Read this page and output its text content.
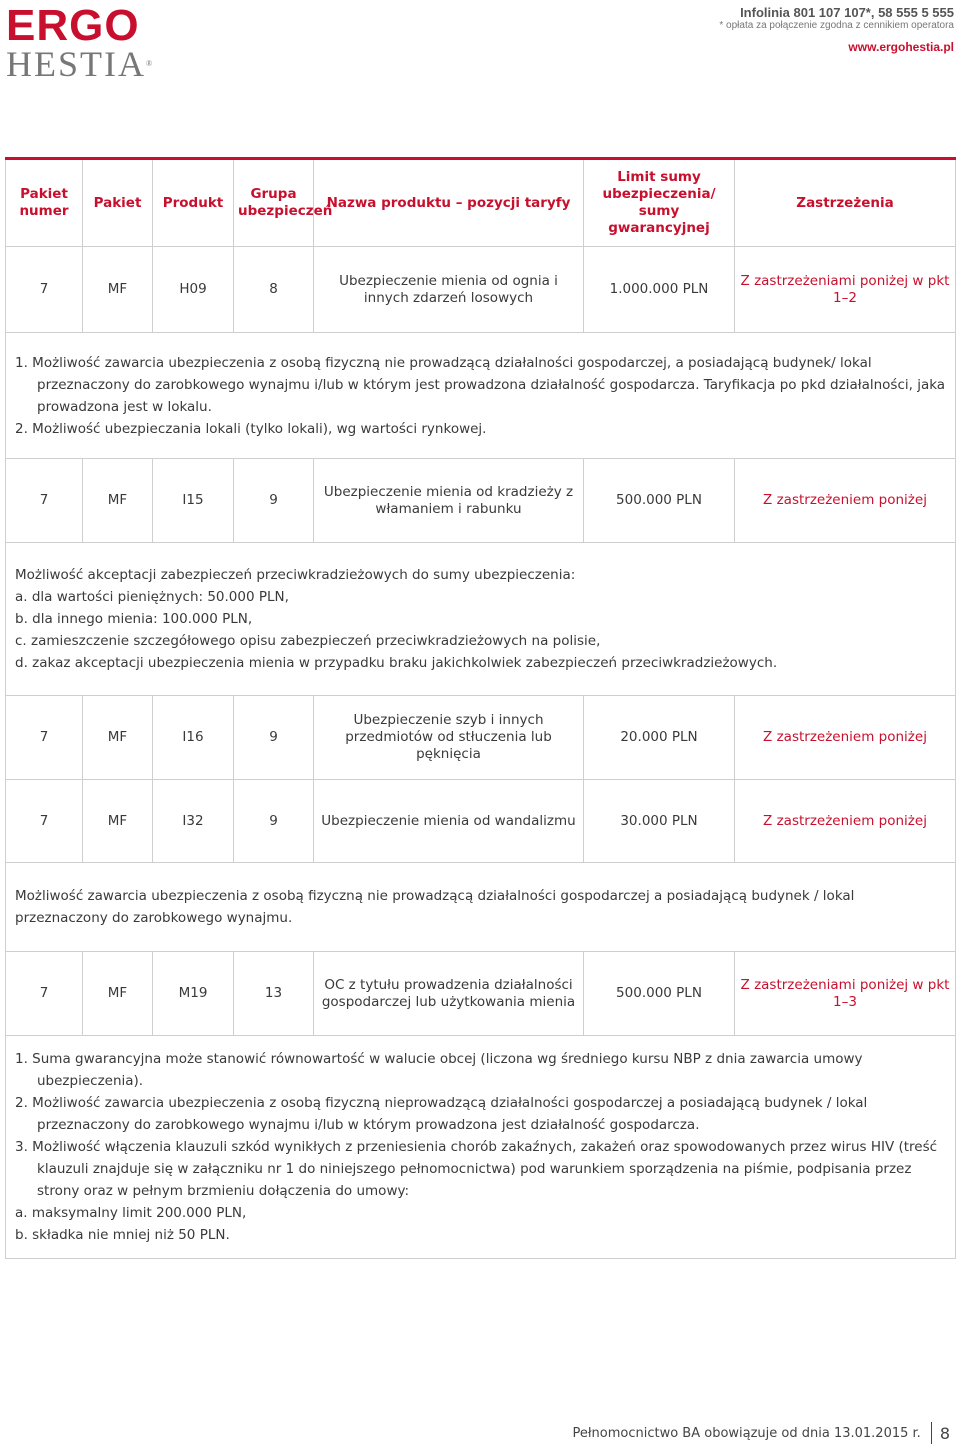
ERGO
HESTIA®
Infolinia 801 107 107*, 58 555 5 555
* opłata za połączenie zgodna z cennikiem operatora
www.ergohestia.pl
Pakiet numer	Pakiet	Produkt	Grupa ubezpieczeń	Nazwa produktu – pozycji taryfy	Limit sumy ubezpieczenia/ sumy gwarancyjnej	Zastrzeżenia
7	MF	H09	8	Ubezpieczenie mienia od ognia i innych zdarzeń losowych	1.000.000 PLN	Z zastrzeżeniami poniżej w pkt 1–2

1. Możliwość zawarcia ubezpieczenia z osobą fizyczną nie prowadzącą działalności gospodarczej, a posiadającą budynek/ lokal przeznaczony do zarobkowego wynajmu i/lub w którym jest prowadzona działalność gospodarcza. Taryfikacja po pkd działalności, jaka prowadzona jest w lokalu.

2. Możliwość ubezpieczania lokali (tylko lokali), wg wartości rynkowej.						

7	MF	I15	9	Ubezpieczenie mienia od kradzieży z włamaniem i rabunku	500.000 PLN	Z zastrzeżeniem poniżej

Możliwość akceptacji zabezpieczeń przeciwkradzieżowych do sumy ubezpieczenia:

a. dla wartości pieniężnych: 50.000 PLN,

b. dla innego mienia: 100.000 PLN,

c. zamieszczenie szczegółowego opisu zabezpieczeń przeciwkradzieżowych na polisie,

d. zakaz akceptacji ubezpieczenia mienia w przypadku braku jakichkolwiek zabezpieczeń przeciwkradzieżowych.						

7	MF	I16	9	Ubezpieczenie szyb i innych przedmiotów od stłuczenia lub pęknięcia	20.000 PLN	Z zastrzeżeniem poniżej
7	MF	I32	9	Ubezpieczenie mienia od wandalizmu	30.000 PLN	Z zastrzeżeniem poniżej

Możliwość zawarcia ubezpieczenia z osobą fizyczną nie prowadzącą działalności gospodarczej a posiadającą budynek / lokal przeznaczony do zarobkowego wynajmu.						

7	MF	M19	13	OC z tytułu prowadzenia działalności gospodarczej lub użytkowania mienia	500.000 PLN	Z zastrzeżeniami poniżej w pkt 1–3

1. Suma gwarancyjna może stanowić równowartość w walucie obcej (liczona wg średniego kursu NBP z dnia zawarcia umowy ubezpieczenia).

2. Możliwość zawarcia ubezpieczenia z osobą fizyczną nieprowadzącą działalności gospodarczej a posiadającą budynek / lokal przeznaczony do zarobkowego wynajmu i/lub w którym prowadzona jest działalność gospodarcza.

3. Możliwość włączenia klauzuli szkód wynikłych z przeniesienia chorób zakaźnych, zakażeń oraz spowodowanych przez wirus HIV (treść klauzuli znajduje się w załączniku nr 1 do niniejszego pełnomocnictwa) pod warunkiem sporządzenia na piśmie, podpisania przez strony oraz w pełnym brzmieniu dołączenia do umowy:

a. maksymalny limit 200.000 PLN,

b. składka nie mniej niż 50 PLN.						

Pełnomocnictwo BA obowiązuje od dnia 13.01.2015 r. 8
